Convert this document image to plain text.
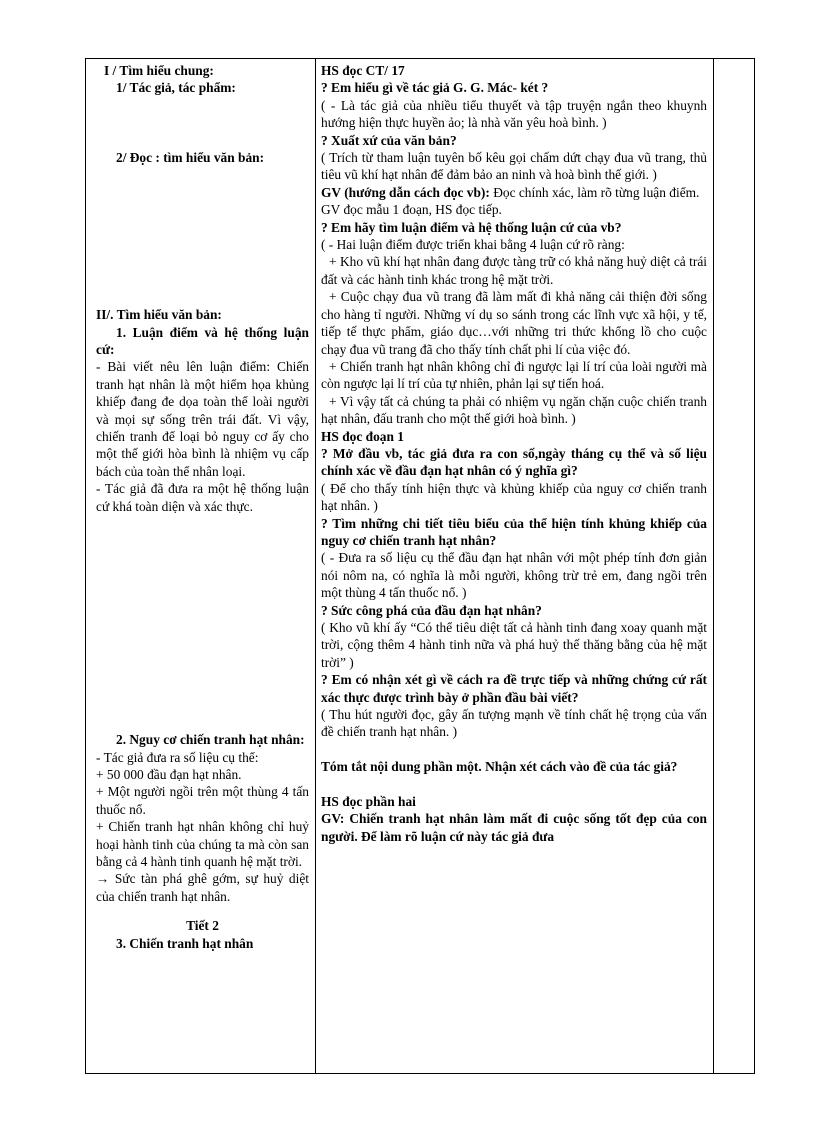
I / Tìm hiểu chung:

1/ Tác giả, tác phẩm:

2/ Đọc : tìm hiểu văn bản:

II/. Tìm hiểu văn bản:

1. Luận điểm và hệ thống luận cứ:

- Bài viết nêu lên luận điểm: Chiến tranh hạt nhân là một hiểm họa khủng khiếp đang đe dọa toàn thể loài người và mọi sự sống trên trái đất. Vì vậy, chiến tranh để loại bỏ nguy cơ ấy cho một thế giới hòa bình là nhiệm vụ cấp bách của toàn thể nhân loại.

- Tác giả đã đưa ra một hệ thống luận cứ khá toàn diện và xác thực.

2. Nguy cơ chiến tranh hạt nhân:

- Tác giả đưa ra số liệu cụ thể:

+ 50 000 đầu đạn hạt nhân.

+ Một người ngồi trên một thùng 4 tấn thuốc nổ.

+ Chiến tranh hạt nhân không chỉ huỷ hoại hành tinh của chúng ta mà còn san bằng cả 4 hành tinh quanh hệ mặt trời.

→ Sức tàn phá ghê gớm, sự huỷ diệt của chiến tranh hạt nhân.

Tiết 2

3. Chiến tranh hạt nhân

HS đọc CT/ 17

? Em hiểu gì về tác giả G. G. Mác- két ?

( - Là tác giả của nhiều tiểu thuyết và tập truyện ngắn theo khuynh hướng hiện thực huyền ảo; là nhà văn yêu hoà bình. )

? Xuất xứ của văn bản?

( Trích từ tham luận tuyên bố kêu gọi chấm dứt chạy đua vũ trang, thủ tiêu vũ khí hạt nhân để đảm bảo an ninh và hoà bình thế giới. )

GV (hướng dẫn cách đọc vb): Đọc chính xác, làm rõ từng luận điểm.

GV đọc mẫu 1 đoạn, HS đọc tiếp.

? Em hãy tìm luận điểm và hệ thống luận cứ của vb?

( - Hai luận điểm được triển khai bằng 4 luận cứ rõ ràng:

+ Kho vũ khí hạt nhân đang được tàng trữ có khả năng huỷ diệt cả trái đất và các hành tinh khác trong hệ mặt trời.

+ Cuộc chạy đua vũ trang đã làm mất đi khả năng cải thiện đời sống cho hàng tỉ người. Những ví dụ so sánh trong các lĩnh vực xã hội, y tế, tiếp tế thực phẩm, giáo dục…với những tri thức khổng lồ cho cuộc chạy đua vũ trang đã cho thấy tính chất phi lí của việc đó.

+ Chiến tranh hạt nhân không chỉ đi ngược lại lí trí của loài người mà còn ngược lại lí trí của tự nhiên, phản lại sự tiến hoá.

+ Vì vậy tất cả chúng ta phải có nhiệm vụ ngăn chặn cuộc chiến tranh hạt nhân, đấu tranh cho một thế giới hoà bình. )

HS đọc đoạn 1

? Mở đầu vb, tác giả đưa ra con số,ngày tháng cụ thể và số liệu chính xác về đầu đạn hạt nhân có ý nghĩa gì?

( Để cho thấy tính hiện thực và khủng khiếp của nguy cơ chiến tranh hạt nhân. )

? Tìm những chi tiết tiêu biểu của thể hiện tính khủng khiếp của nguy cơ chiến tranh hạt nhân?

( - Đưa ra số liệu cụ thể đầu đạn hạt nhân với một phép tính đơn giản nói nôm na, có nghĩa là mỗi người, không trừ trẻ em, đang ngồi trên một thùng 4 tấn thuốc nổ. )

? Sức công phá của đầu đạn hạt nhân?

( Kho vũ khí ấy “Có thể tiêu diệt tất cả hành tinh đang xoay quanh mặt trời, cộng thêm 4 hành tinh nữa và phá huỷ thế thăng bằng của hệ mặt trời” )

? Em có nhận xét gì về cách ra đề trực tiếp và những chứng cứ rất xác thực được trình bày ở phần đầu bài viết?

( Thu hút người đọc, gây ấn tượng mạnh về tính chất hệ trọng của vấn đề chiến tranh hạt nhân. )

Tóm tắt nội dung phần một. Nhận xét cách vào đề của tác giả?

HS đọc phần hai

GV: Chiến tranh hạt nhân làm mất đi cuộc sống tốt đẹp của con người. Để làm rõ luận cứ này tác giả đưa
